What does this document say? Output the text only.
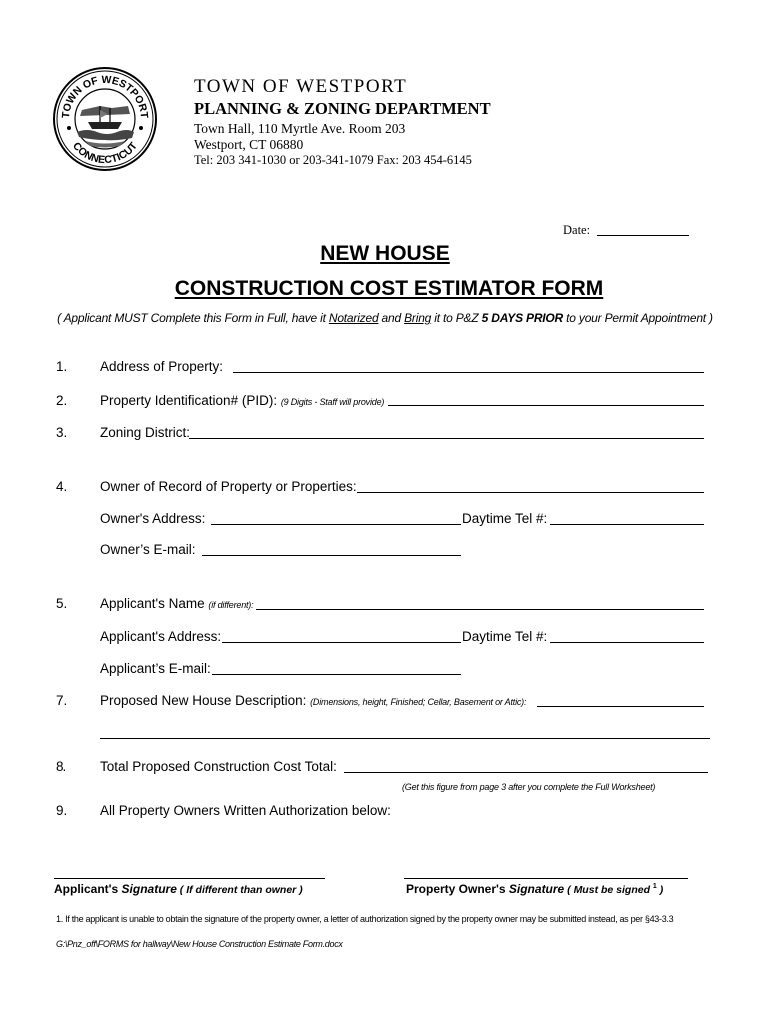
TOWN OF WESTPORT
CONNECTICUT
TOWN OF WESTPORT
PLANNING & ZONING DEPARTMENT
Town Hall, 110 Myrtle Ave. Room 203
Westport, CT 06880
Tel: 203 341-1030 or 203-341-1079 Fax: 203 454-6145
Date:
NEW HOUSE
CONSTRUCTION COST ESTIMATOR FORM
( Applicant MUST Complete this Form in Full, have it Notarized and Bring it to P&Z 5 DAYS PRIOR to your Permit Appointment )
1. Address of Property:
2. Property Identification# (PID): (9 Digits - Staff will provide)
3. Zoning District:
4. Owner of Record of Property or Properties:
Owner's Address:	Daytime Tel #:
Owner’s E-mail:
5. Applicant's Name (if different):
Applicant's Address:	Daytime Tel #:
Applicant’s E-mail:
7. Proposed New House Description: (Dimensions, height, Finished; Cellar, Basement or Attic):
8.	Total Proposed Construction Cost Total:
(Get this figure from page 3 after you complete the Full Worksheet)
9. All Property Owners Written Authorization below:
Applicant's Signature ( If different than owner )	Property Owner's Signature ( Must be signed $^1$ )
1. If the applicant is unable to obtain the signature of the property owner, a letter of authorization signed by the property owner may be submitted instead, as per §43-3.3
G:\Pnz_off\FORMS for hallway\New House Construction Estimate Form.docx
